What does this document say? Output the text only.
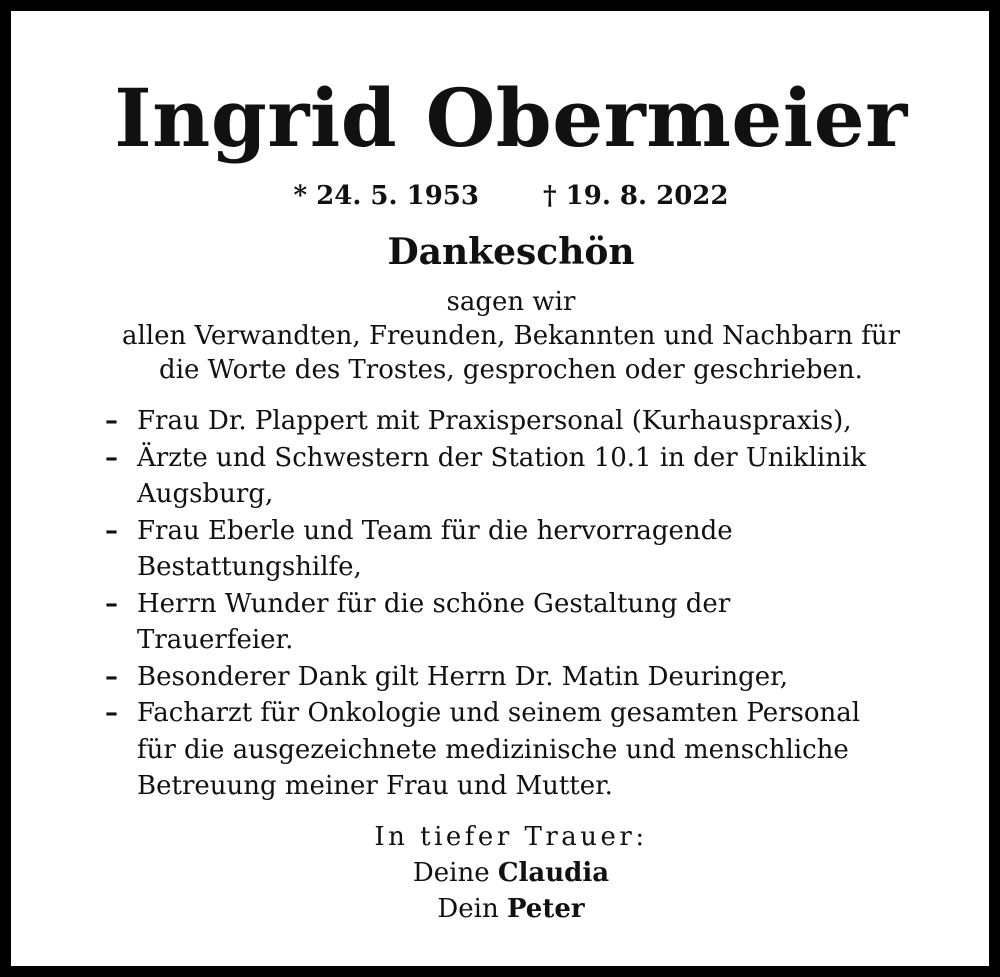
Ingrid Obermeier
* 24. 5. 1953 † 19. 8. 2022
Dankeschön
sagen wir
allen Verwandten, Freunden, Bekannten und Nachbarn für
die Worte des Trostes, gesprochen oder geschrieben.
– Frau Dr. Plappert mit Praxispersonal (Kurhauspraxis),
– Ärzte und Schwestern der Station 10.1 in der Uniklinik
Augsburg,
– Frau Eberle und Team für die hervorragende
Bestattungshilfe,
– Herrn Wunder für die schöne Gestaltung der
Trauerfeier.
– Besonderer Dank gilt Herrn Dr. Matin Deuringer,
– Facharzt für Onkologie und seinem gesamten Personal
für die ausgezeichnete medizinische und menschliche
Betreuung meiner Frau und Mutter.
In tiefer Trauer:
Deine Claudia
Dein Peter
